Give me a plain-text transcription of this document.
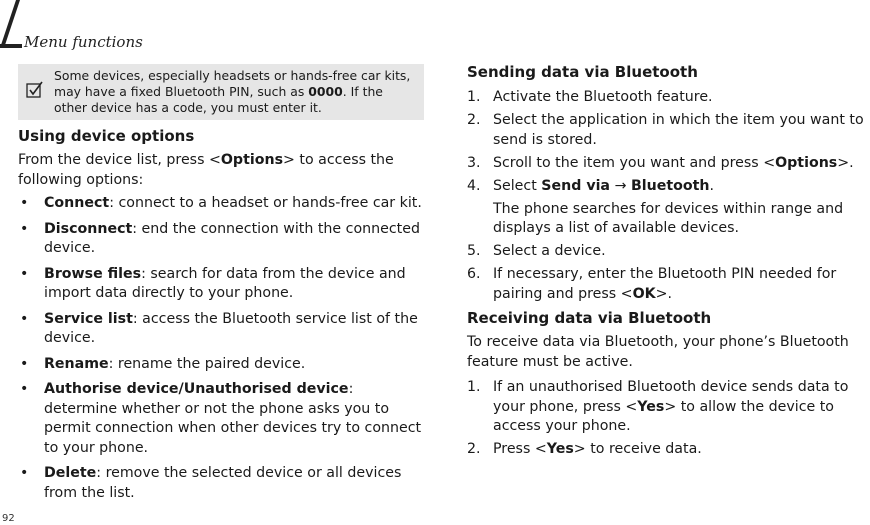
Menu functions
92
Some devices, especially headsets or hands-free car kits, may have a fixed Bluetooth PIN, such as 0000. If the other device has a code, you must enter it.
Using device options

From the device list, press <Options> to access the following options:

• Connect: connect to a headset or hands-free car kit.
• Disconnect: end the connection with the connected device.
• Browse files: search for data from the device and import data directly to your phone.
• Service list: access the Bluetooth service list of the device.
• Rename: rename the paired device.
• Authorise device/Unauthorised device: determine whether or not the phone asks you to permit connection when other devices try to connect to your phone.
• Delete: remove the selected device or all devices from the list.
Sending data via Bluetooth
1. Activate the Bluetooth feature.
2. Select the application in which the item you want to send is stored.
3. Scroll to the item you want and press <Options>.
4. Select Send via → Bluetooth.
The phone searches for devices within range and displays a list of available devices.
5. Select a device.
6. If necessary, enter the Bluetooth PIN needed for pairing and press <OK>.
Receiving data via Bluetooth

To receive data via Bluetooth, your phone’s Bluetooth feature must be active.

1. If an unauthorised Bluetooth device sends data to your phone, press <Yes> to allow the device to access your phone.
2. Press <Yes> to receive data.
